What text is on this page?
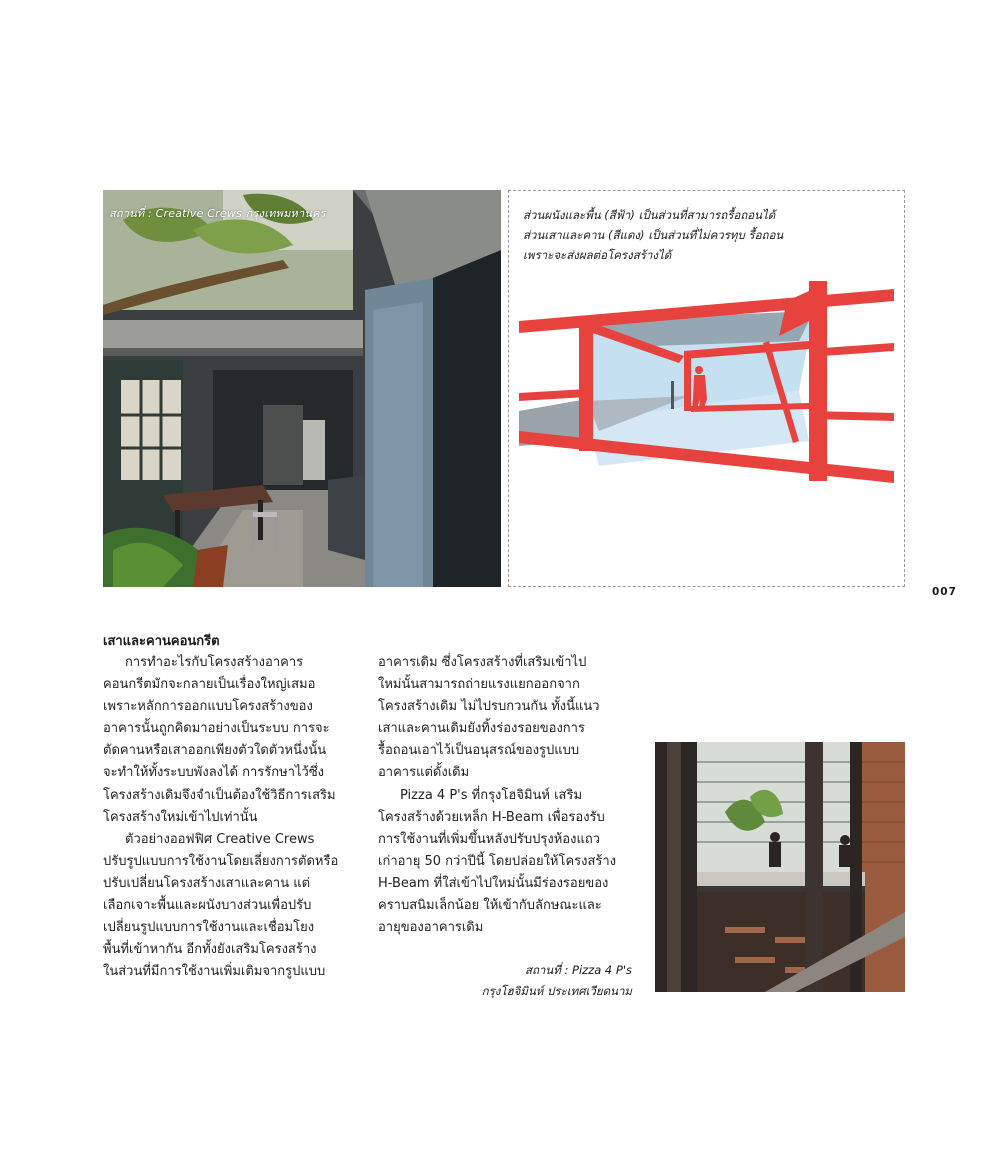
สถานที่ : Creative Crews กรุงเทพมหานคร	ส่วนผนังและพื้น (สีฟ้า) เป็นส่วนที่สามารถรื้อถอนได้
ส่วนเสาและคาน (สีแดง) เป็นส่วนที่ไม่ควรทุบ รื้อถอน
เพราะจะส่งผลต่อโครงสร้างได้
007
เสาและคานคอนกรีต
การทำอะไรกับโครงสร้างอาคาร
คอนกรีตมักจะกลายเป็นเรื่องใหญ่เสมอ
เพราะหลักการออกแบบโครงสร้างของ
อาคารนั้นถูกคิดมาอย่างเป็นระบบ การจะ
ตัดคานหรือเสาออกเพียงตัวใดตัวหนึ่งนั้น
จะทำให้ทั้งระบบพังลงได้ การรักษาไว้ซึ่ง
โครงสร้างเดิมจึงจำเป็นต้องใช้วิธีการเสริม
โครงสร้างใหม่เข้าไปเท่านั้น
ตัวอย่างออฟฟิศ Creative Crews
ปรับรูปแบบการใช้งานโดยเลี่ยงการตัดหรือ
ปรับเปลี่ยนโครงสร้างเสาและคาน แต่
เลือกเจาะพื้นและผนังบางส่วนเพื่อปรับ
เปลี่ยนรูปแบบการใช้งานและเชื่อมโยง
พื้นที่เข้าหากัน อีกทั้งยังเสริมโครงสร้าง
ในส่วนที่มีการใช้งานเพิ่มเติมจากรูปแบบ
อาคารเดิม ซึ่งโครงสร้างที่เสริมเข้าไป
ใหม่นั้นสามารถถ่ายแรงแยกออกจาก
โครงสร้างเดิม ไม่ไปรบกวนกัน ทั้งนี้แนว
เสาและคานเดิมยังทิ้งร่องรอยของการ
รื้อถอนเอาไว้เป็นอนุสรณ์ของรูปแบบ
อาคารแต่ดั้งเดิม
Pizza 4 P's ที่กรุงโฮจิมินห์ เสริม
โครงสร้างด้วยเหล็ก H-Beam เพื่อรองรับ
การใช้งานที่เพิ่มขึ้นหลังปรับปรุงห้องแถว
เก่าอายุ 50 กว่าปีนี้ โดยปล่อยให้โครงสร้าง
H-Beam ที่ใส่เข้าไปใหม่นั้นมีร่องรอยของ
คราบสนิมเล็กน้อย ให้เข้ากับลักษณะและ
อายุของอาคารเดิม
สถานที่ : Pizza 4 P's
กรุงโฮจิมินห์ ประเทศเวียดนาม
